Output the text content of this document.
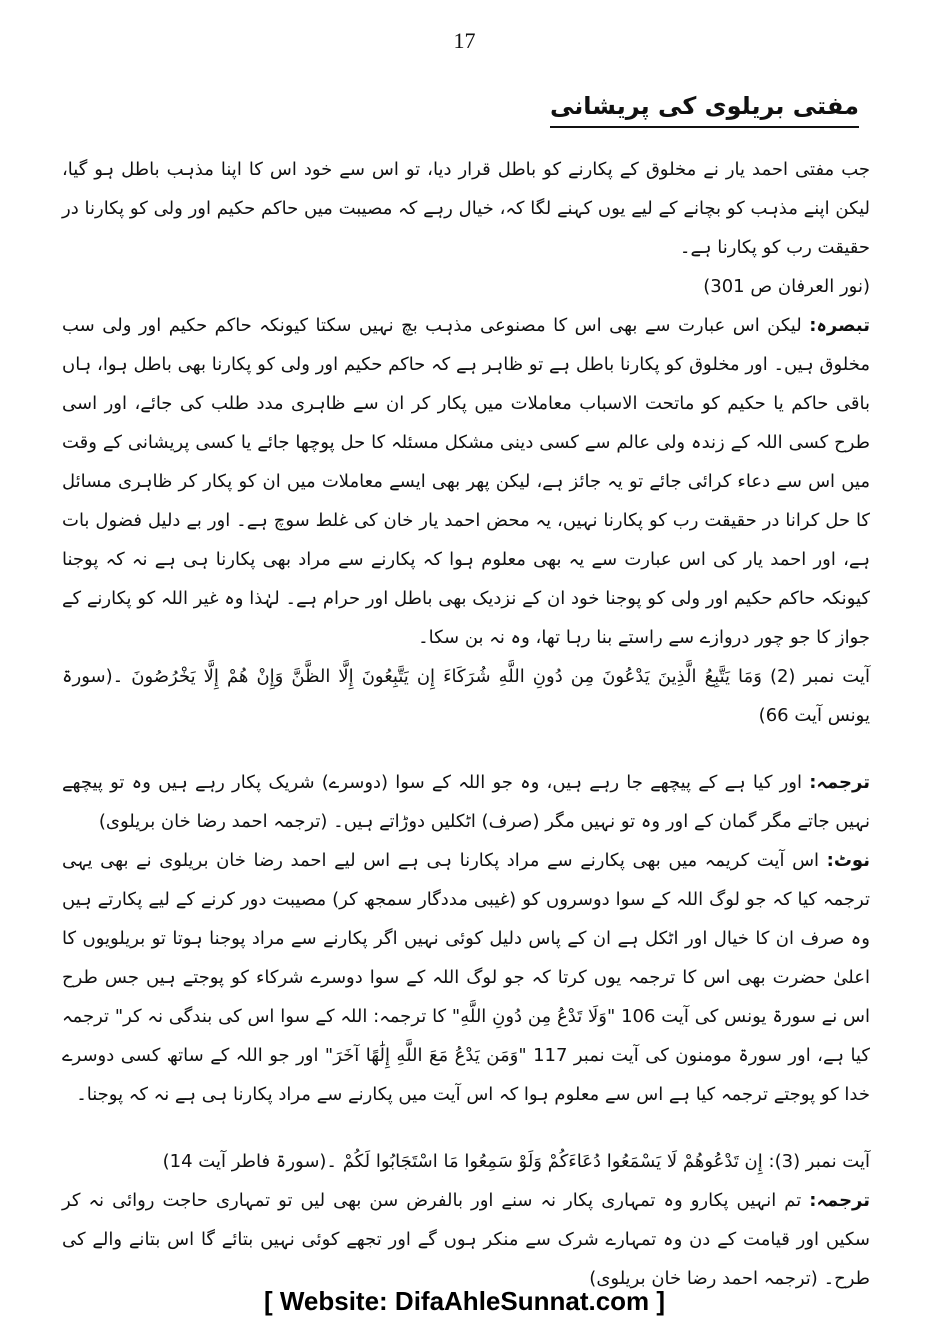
17
مفتی بریلوی کی پریشانی

جب مفتی احمد یار نے مخلوق کے پکارنے کو باطل قرار دیا، تو اس سے خود اس کا اپنا مذہب باطل ہو گیا، لیکن اپنے مذہب کو بچانے کے لیے یوں کہنے لگا کہ، خیال رہے کہ مصیبت میں حاکم حکیم اور ولی کو پکارنا در حقیقت رب کو پکارنا ہے۔
(نور العرفان ص 301)

تبصرہ: لیکن اس عبارت سے بھی اس کا مصنوعی مذہب بچ نہیں سکتا کیونکہ حاکم حکیم اور ولی سب مخلوق ہیں۔ اور مخلوق کو پکارنا باطل ہے تو ظاہر ہے کہ حاکم حکیم اور ولی کو پکارنا بھی باطل ہوا، ہاں باقی حاکم یا حکیم کو ماتحت الاسباب معاملات میں پکار کر ان سے ظاہری مدد طلب کی جائے، اور اسی طرح کسی اللہ کے زندہ ولی عالم سے کسی دینی مشکل مسئلہ کا حل پوچھا جائے یا کسی پریشانی کے وقت میں اس سے دعاء کرائی جائے تو یہ جائز ہے، لیکن پھر بھی ایسے معاملات میں ان کو پکار کر ظاہری مسائل کا حل کرانا در حقیقت رب کو پکارنا نہیں، یہ محض احمد یار خان کی غلط سوچ ہے۔ اور بے دلیل فضول بات ہے، اور احمد یار کی اس عبارت سے یہ بھی معلوم ہوا کہ پکارنے سے مراد بھی پکارنا ہی ہے نہ کہ پوجنا کیونکہ حاکم حکیم اور ولی کو پوجنا خود ان کے نزدیک بھی باطل اور حرام ہے۔ لہٰذا وہ غیر اللہ کو پکارنے کے جواز کا جو چور دروازے سے راستے بنا رہا تھا، وہ نہ بن سکا۔

آیت نمبر (2) وَمَا يَتَّبِعُ الَّذِينَ يَدْعُونَ مِن دُونِ اللَّهِ شُرَكَاءَ إِن يَتَّبِعُونَ إِلَّا الظَّنَّ وَإِنْ هُمْ إِلَّا يَخْرُصُونَ ۔(سورۃ یونس آیت 66)

ترجمہ: اور کیا ہے کے پیچھے جا رہے ہیں، وہ جو اللہ کے سوا (دوسرے) شریک پکار رہے ہیں وہ تو پیچھے نہیں جاتے مگر گمان کے اور وہ تو نہیں مگر (صرف) اٹکلیں دوڑاتے ہیں۔ (ترجمہ احمد رضا خان بریلوی)

نوٹ: اس آیت کریمہ میں بھی پکارنے سے مراد پکارنا ہی ہے اس لیے احمد رضا خان بریلوی نے بھی یہی ترجمہ کیا کہ جو لوگ اللہ کے سوا دوسروں کو (غیبی مددگار سمجھ کر) مصیبت دور کرنے کے لیے پکارتے ہیں وہ صرف ان کا خیال اور اٹکل ہے ان کے پاس دلیل کوئی نہیں اگر پکارنے سے مراد پوجنا ہوتا تو بریلویوں کا اعلیٰ حضرت بھی اس کا ترجمہ یوں کرتا کہ جو لوگ اللہ کے سوا دوسرے شرکاء کو پوجتے ہیں جس طرح اس نے سورۃ یونس کی آیت 106 "وَلَا تَدْعُ مِن دُونِ اللَّهِ" کا ترجمہ: اللہ کے سوا اس کی بندگی نہ کر" ترجمہ کیا ہے، اور سورۃ مومنون کی آیت نمبر 117 "وَمَن يَدْعُ مَعَ اللَّهِ إِلَٰهًا آخَرَ" اور جو اللہ کے ساتھ کسی دوسرے خدا کو پوجتے ترجمہ کیا ہے اس سے معلوم ہوا کہ اس آیت میں پکارنے سے مراد پکارنا ہی ہے نہ کہ پوجنا۔

آیت نمبر (3): إِن تَدْعُوهُمْ لَا يَسْمَعُوا دُعَاءَكُمْ وَلَوْ سَمِعُوا مَا اسْتَجَابُوا لَكُمْ ۔(سورۃ فاطر آیت 14)

ترجمہ: تم انہیں پکارو وہ تمہاری پکار نہ سنے اور بالفرض سن بھی لیں تو تمہاری حاجت روائی نہ کر سکیں اور قیامت کے دن وہ تمہارے شرک سے منکر ہوں گے اور تجھے کوئی نہیں بتائے گا اس بتانے والے کی طرح۔ (ترجمہ احمد رضا خان بریلوی)

[ Website: DifaAhleSunnat.com ]
